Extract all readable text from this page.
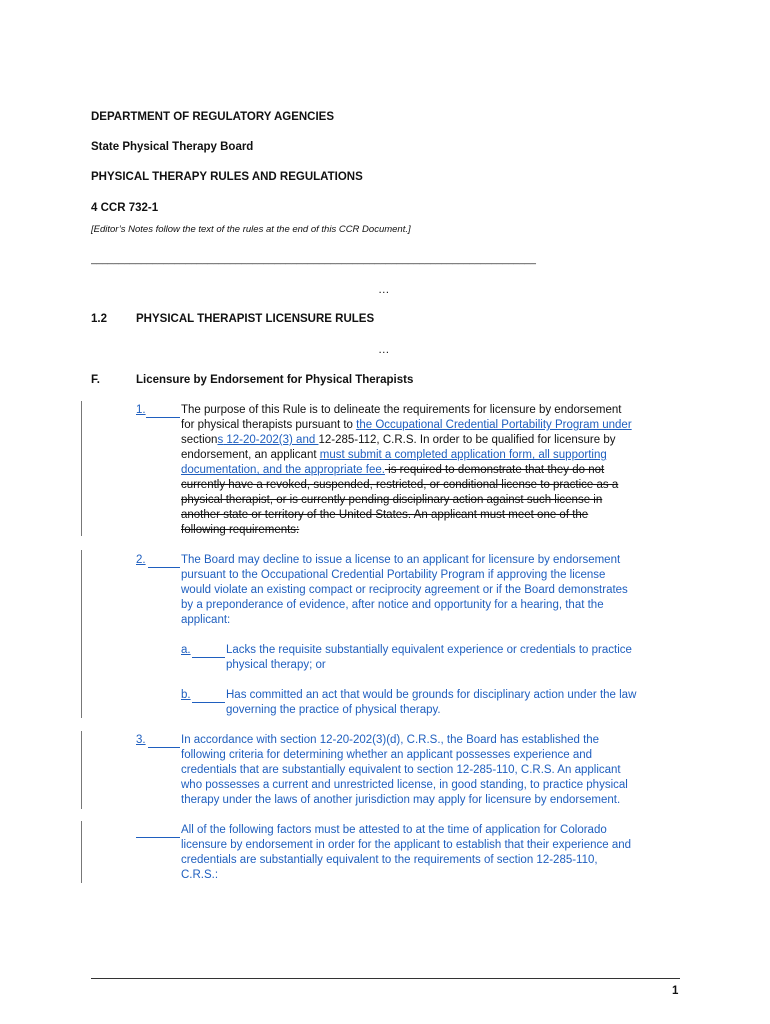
DEPARTMENT OF REGULATORY AGENCIES
State Physical Therapy Board
PHYSICAL THERAPY RULES AND REGULATIONS
4 CCR 732-1
[Editor’s Notes follow the text of the rules at the end of this CCR Document.]
________________________________________________________________________________
…
1.2	PHYSICAL THERAPIST LICENSURE RULES
…
F.	Licensure by Endorsement for Physical Therapists
1.	The purpose of this Rule is to delineate the requirements for licensure by endorsement
for physical therapists pursuant to the Occupational Credential Portability Program under
sections 12-20-202(3) and 12-285-112, C.R.S. In order to be qualified for licensure by
endorsement, an applicant must submit a completed application form, all supporting
documentation, and the appropriate fee. is required to demonstrate that they do not
currently have a revoked, suspended, restricted, or conditional license to practice as a
physical therapist, or is currently pending disciplinary action against such license in
another state or territory of the United States. An applicant must meet one of the
following requirements:
2.	The Board may decline to issue a license to an applicant for licensure by endorsement
pursuant to the Occupational Credential Portability Program if approving the license
would violate an existing compact or reciprocity agreement or if the Board demonstrates
by a preponderance of evidence, after notice and opportunity for a hearing, that the
applicant:
a.	Lacks the requisite substantially equivalent experience or credentials to practice
physical therapy; or
b.	Has committed an act that would be grounds for disciplinary action under the law
governing the practice of physical therapy.
3.	In accordance with section 12-20-202(3)(d), C.R.S., the Board has established the
following criteria for determining whether an applicant possesses experience and
credentials that are substantially equivalent to section 12-285-110, C.R.S. An applicant
who possesses a current and unrestricted license, in good standing, to practice physical
therapy under the laws of another jurisdiction may apply for licensure by endorsement.
All of the following factors must be attested to at the time of application for Colorado
licensure by endorsement in order for the applicant to establish that their experience and
credentials are substantially equivalent to the requirements of section 12-285-110,
C.R.S.:
1
